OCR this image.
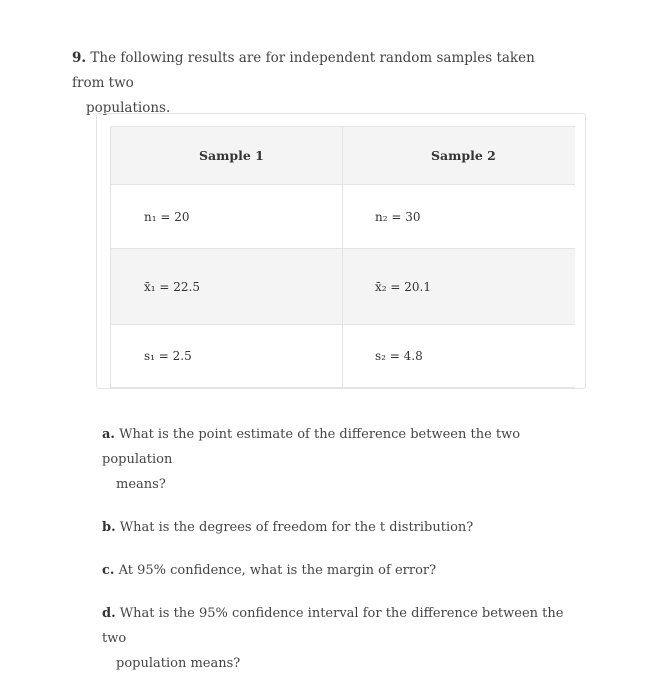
9. The following results are for independent random samples taken from two
populations.
Sample 1	Sample 2
n₁ = 20	n₂ = 30
x̄₁ = 22.5	x̄₂ = 20.1
s₁ = 2.5	s₂ = 4.8
a. What is the point estimate of the difference between the two population
means?
b. What is the degrees of freedom for the t distribution?
c. At 95% confidence, what is the margin of error?
d. What is the 95% confidence interval for the difference between the two
population means?
